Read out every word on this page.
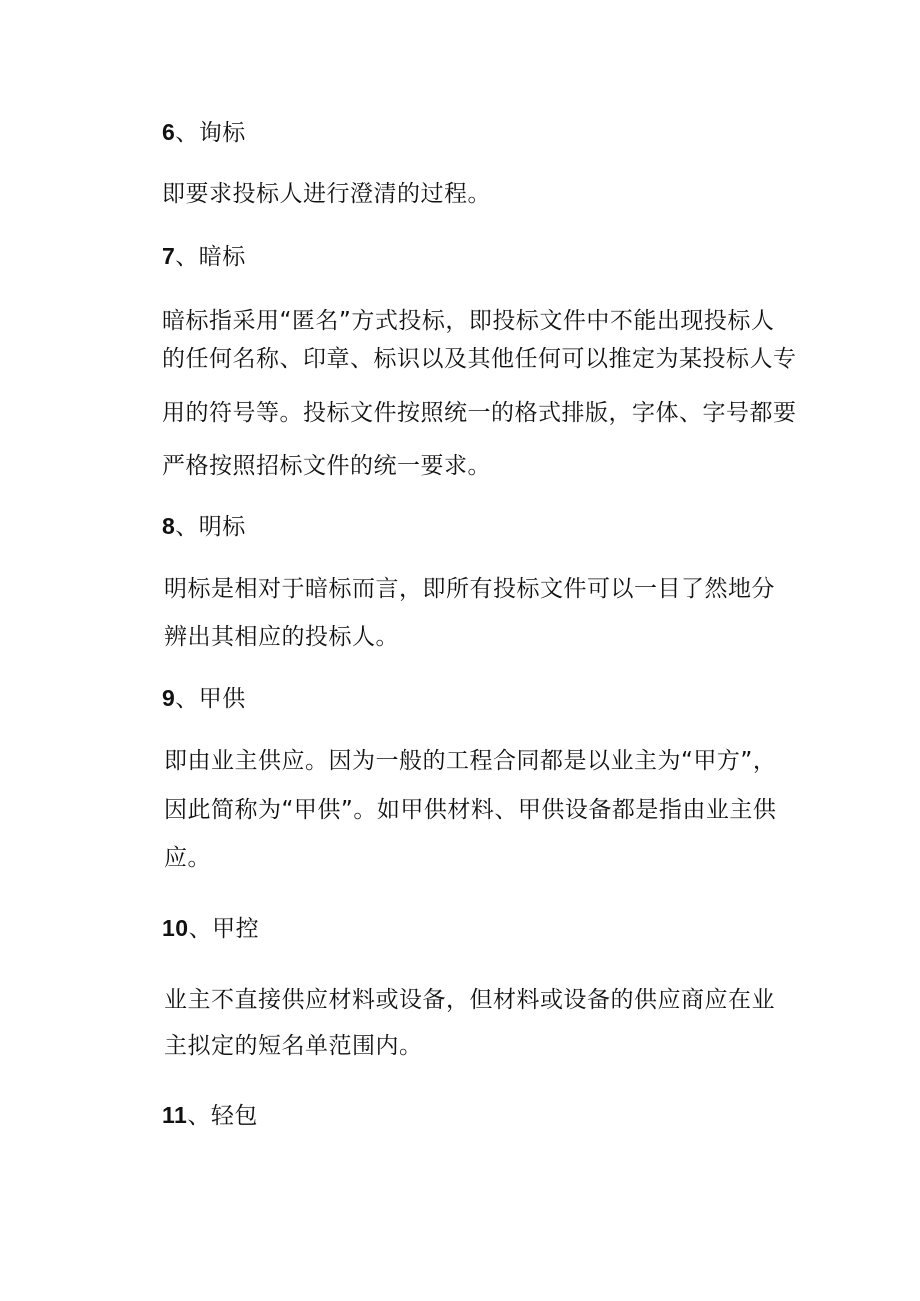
6、询标

即要求投标人进行澄清的过程。

7、暗标

暗标指采用“匿名”方式投标，即投标文件中不能出现投标人

的任何名称、印章、标识以及其他任何可以推定为某投标人专

用的符号等。投标文件按照统一的格式排版，字体、字号都要

严格按照招标文件的统一要求。

8、明标

明标是相对于暗标而言，即所有投标文件可以一目了然地分

辨出其相应的投标人。

9、甲供

即由业主供应。因为一般的工程合同都是以业主为“甲方”，

因此简称为“甲供”。如甲供材料、甲供设备都是指由业主供

应。

10、甲控

业主不直接供应材料或设备，但材料或设备的供应商应在业

主拟定的短名单范围内。

11、轻包
